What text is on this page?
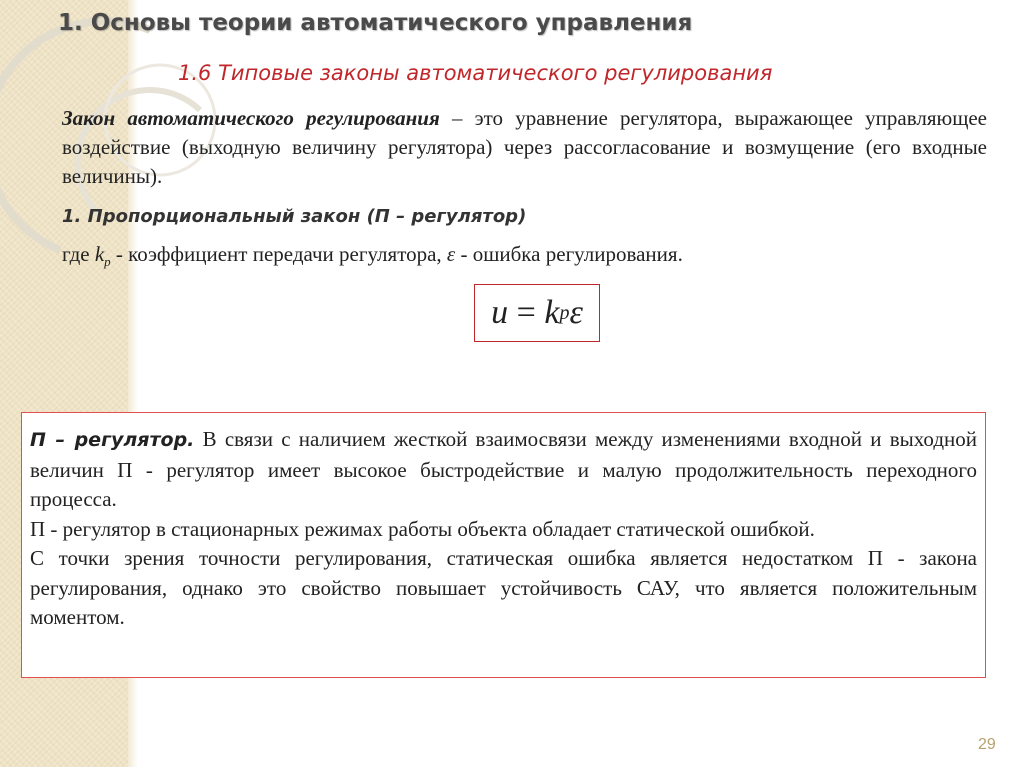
1. Основы теории автоматического управления
1.6 Типовые законы автоматического регулирования
Закон автоматического регулирования – это уравнение регулятора, выражающее управляющее воздействие (выходную величину регулятора) через рассогласование и возмущение (его входные величины).
1. Пропорциональный закон (П – регулятор)
где $k_p$ - коэффициент передачи регулятора, ε - ошибка регулирования.
u = k p ε

П – регулятор. В связи с наличием жесткой взаимосвязи между изменениями входной и выходной величин П - регулятор имеет высокое быстродействие и малую продолжительность переходного процесса.

П - регулятор в стационарных режимах работы объекта обладает статической ошибкой.

С точки зрения точности регулирования, статическая ошибка является недостатком П - закона регулирования, однако это свойство повышает устойчивость САУ, что является положительным моментом.

29
